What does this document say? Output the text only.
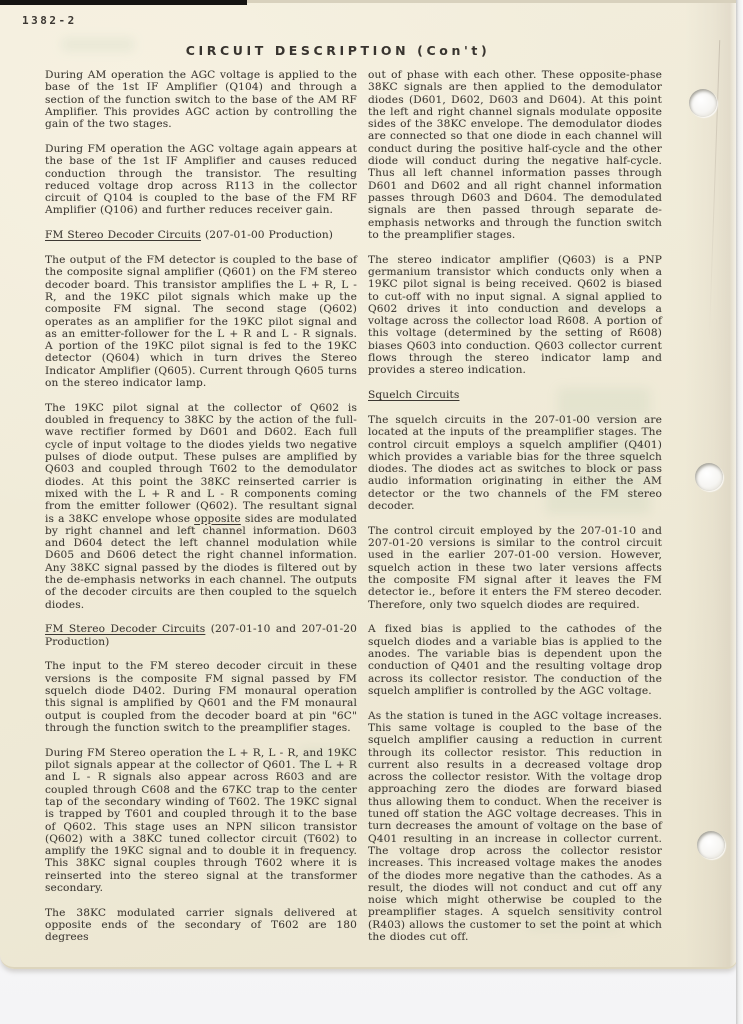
1382-2
CIRCUIT DESCRIPTION (Con't)

During AM operation the AGC voltage is applied to the base of the 1st IF Amplifier (Q104) and through a section of the function switch to the base of the AM RF Amplifier. This provides AGC action by controlling the gain of the two stages.

During FM operation the AGC voltage again appears at the base of the 1st IF Amplifier and causes reduced conduction through the transistor. The resulting reduced voltage drop across R113 in the collector circuit of Q104 is coupled to the base of the FM RF Amplifier (Q106) and further reduces receiver gain.

FM Stereo Decoder Circuits (207-01-00 Production)

The output of the FM detector is coupled to the base of the composite signal amplifier (Q601) on the FM stereo decoder board. This transistor amplifies the L + R, L - R, and the 19KC pilot signals which make up the composite FM signal. The second stage (Q602) operates as an amplifier for the 19KC pilot signal and as an emitter-follower for the L + R and L - R signals. A portion of the 19KC pilot signal is fed to the 19KC detector (Q604) which in turn drives the Stereo Indicator Amplifier (Q605). Current through Q605 turns on the stereo indicator lamp.

The 19KC pilot signal at the collector of Q602 is doubled in frequency to 38KC by the action of the full-wave rectifier formed by D601 and D602. Each full cycle of input voltage to the diodes yields two negative pulses of diode output. These pulses are amplified by Q603 and coupled through T602 to the demodulator diodes. At this point the 38KC reinserted carrier is mixed with the L + R and L - R components coming from the emitter follower (Q602). The resultant signal is a 38KC envelope whose opposite sides are modulated by right channel and left channel information. D603 and D604 detect the left channel modulation while D605 and D606 detect the right channel information. Any 38KC signal passed by the diodes is filtered out by the de-emphasis networks in each channel. The outputs of the decoder circuits are then coupled to the squelch diodes.

FM Stereo Decoder Circuits (207-01-10 and 207-01-20 Production)

The input to the FM stereo decoder circuit in these versions is the composite FM signal passed by FM squelch diode D402. During FM monaural operation this signal is amplified by Q601 and the FM monaural output is coupled from the decoder board at pin "6C" through the function switch to the preamplifier stages.

During FM Stereo operation the L + R, L - R, and 19KC pilot signals appear at the collector of Q601. The L + R and L - R signals also appear across R603 and are coupled through C608 and the 67KC trap to the center tap of the secondary winding of T602. The 19KC signal is trapped by T601 and coupled through it to the base of Q602. This stage uses an NPN silicon transistor (Q602) with a 38KC tuned collector circuit (T602) to amplify the 19KC signal and to double it in frequency. This 38KC signal couples through T602 where it is reinserted into the stereo signal at the transformer secondary.

The 38KC modulated carrier signals delivered at opposite ends of the secondary of T602 are 180 degrees

out of phase with each other. These opposite-phase 38KC signals are then applied to the demodulator diodes (D601, D602, D603 and D604). At this point the left and right channel signals modulate opposite sides of the 38KC envelope. The demodulator diodes are connected so that one diode in each channel will conduct during the positive half-cycle and the other diode will conduct during the negative half-cycle. Thus all left channel information passes through D601 and D602 and all right channel information passes through D603 and D604. The demodulated signals are then passed through separate de-emphasis networks and through the function switch to the preamplifier stages.

The stereo indicator amplifier (Q603) is a PNP germanium transistor which conducts only when a 19KC pilot signal is being received. Q602 is biased to cut-off with no input signal. A signal applied to Q602 drives it into conduction and develops a voltage across the collector load R608. A portion of this voltage (determined by the setting of R608) biases Q603 into conduction. Q603 collector current flows through the stereo indicator lamp and provides a stereo indication.

Squelch Circuits

The squelch circuits in the 207-01-00 version are located at the inputs of the preamplifier stages. The control circuit employs a squelch amplifier (Q401) which provides a variable bias for the three squelch diodes. The diodes act as switches to block or pass audio information originating in either the AM detector or the two channels of the FM stereo decoder.

The control circuit employed by the 207-01-10 and 207-01-20 versions is similar to the control circuit used in the earlier 207-01-00 version. However, squelch action in these two later versions affects the composite FM signal after it leaves the FM detector ie., before it enters the FM stereo decoder. Therefore, only two squelch diodes are required.

A fixed bias is applied to the cathodes of the squelch diodes and a variable bias is applied to the anodes. The variable bias is dependent upon the conduction of Q401 and the resulting voltage drop across its collector resistor. The conduction of the squelch amplifier is controlled by the AGC voltage.

As the station is tuned in the AGC voltage increases. This same voltage is coupled to the base of the squelch amplifier causing a reduction in current through its collector resistor. This reduction in current also results in a decreased voltage drop across the collector resistor. With the voltage drop approaching zero the diodes are forward biased thus allowing them to conduct. When the receiver is tuned off station the AGC voltage decreases. This in turn decreases the amount of voltage on the base of Q401 resulting in an increase in collector current. The voltage drop across the collector resistor increases. This increased voltage makes the anodes of the diodes more negative than the cathodes. As a result, the diodes will not conduct and cut off any noise which might otherwise be coupled to the preamplifier stages. A squelch sensitivity control (R403) allows the customer to set the point at which the diodes cut off.
